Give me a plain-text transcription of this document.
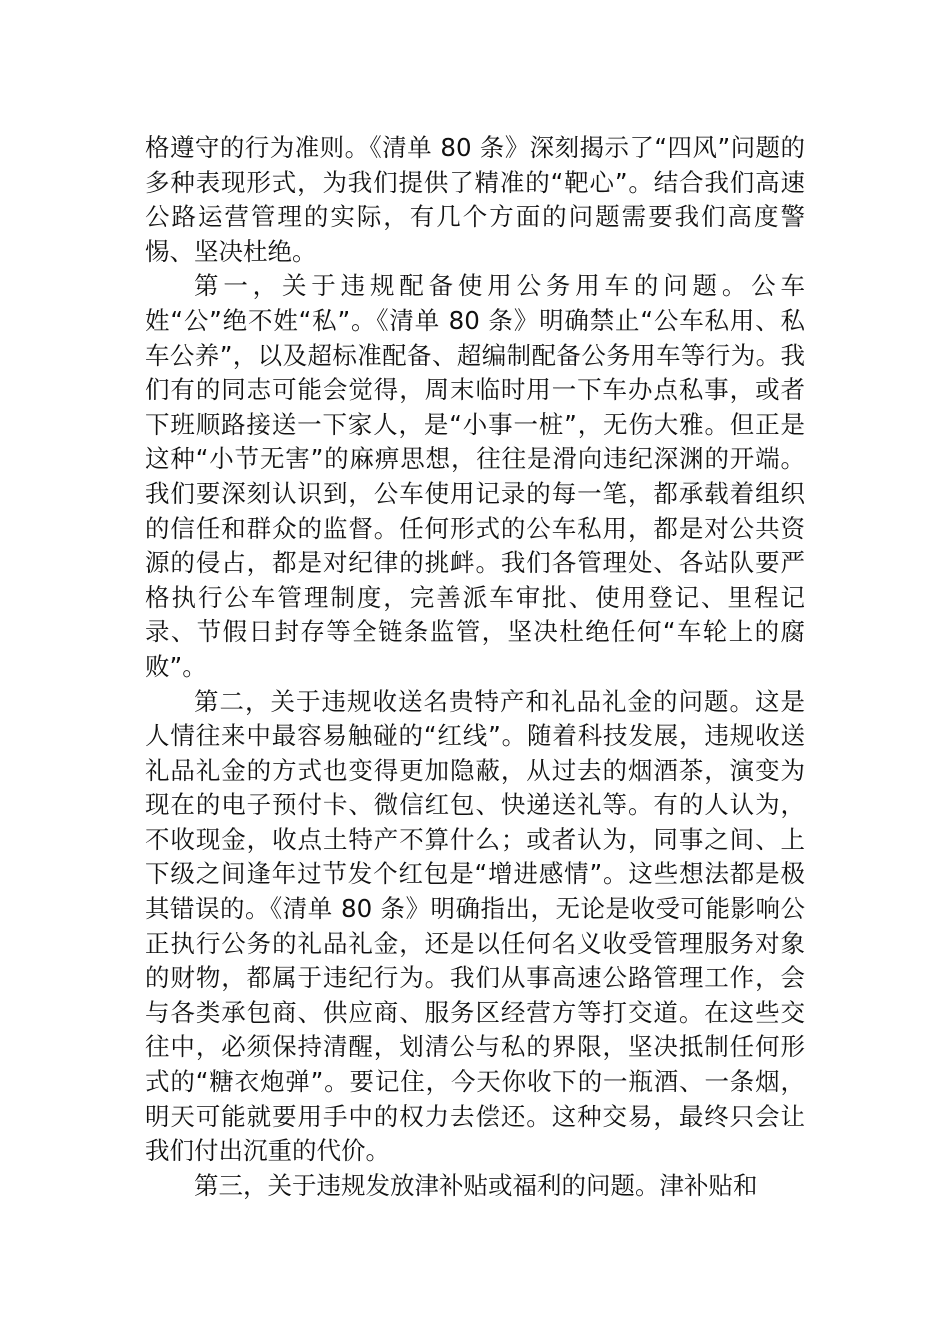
格遵守的行为准则。《清单 80 条》深刻揭示了“四风”问题的多种表现形式，为我们提供了精准的“靶心”。结合我们高速公路运营管理的实际，有几个方面的问题需要我们高度警惕、坚决杜绝。

第一，关于违规配备使用公务用车的问题。公车姓“公”绝不姓“私”。《清单 80 条》明确禁止“公车私用、私车公养”，以及超标准配备、超编制配备公务用车等行为。我们有的同志可能会觉得，周末临时用一下车办点私事，或者下班顺路接送一下家人，是“小事一桩”，无伤大雅。但正是这种“小节无害”的麻痹思想，往往是滑向违纪深渊的开端。我们要深刻认识到，公车使用记录的每一笔，都承载着组织的信任和群众的监督。任何形式的公车私用，都是对公共资源的侵占，都是对纪律的挑衅。我们各管理处、各站队要严格执行公车管理制度，完善派车审批、使用登记、里程记录、节假日封存等全链条监管，坚决杜绝任何“车轮上的腐败”。

第二，关于违规收送名贵特产和礼品礼金的问题。这是人情往来中最容易触碰的“红线”。随着科技发展，违规收送礼品礼金的方式也变得更加隐蔽，从过去的烟酒茶，演变为现在的电子预付卡、微信红包、快递送礼等。有的人认为，不收现金，收点土特产不算什么；或者认为，同事之间、上下级之间逢年过节发个红包是“增进感情”。这些想法都是极其错误的。《清单 80 条》明确指出，无论是收受可能影响公正执行公务的礼品礼金，还是以任何名义收受管理服务对象的财物，都属于违纪行为。我们从事高速公路管理工作，会与各类承包商、供应商、服务区经营方等打交道。在这些交往中，必须保持清醒，划清公与私的界限，坚决抵制任何形式的“糖衣炮弹”。要记住，今天你收下的一瓶酒、一条烟，明天可能就要用手中的权力去偿还。这种交易，最终只会让我们付出沉重的代价。

第三，关于违规发放津补贴或福利的问题。津补贴和
